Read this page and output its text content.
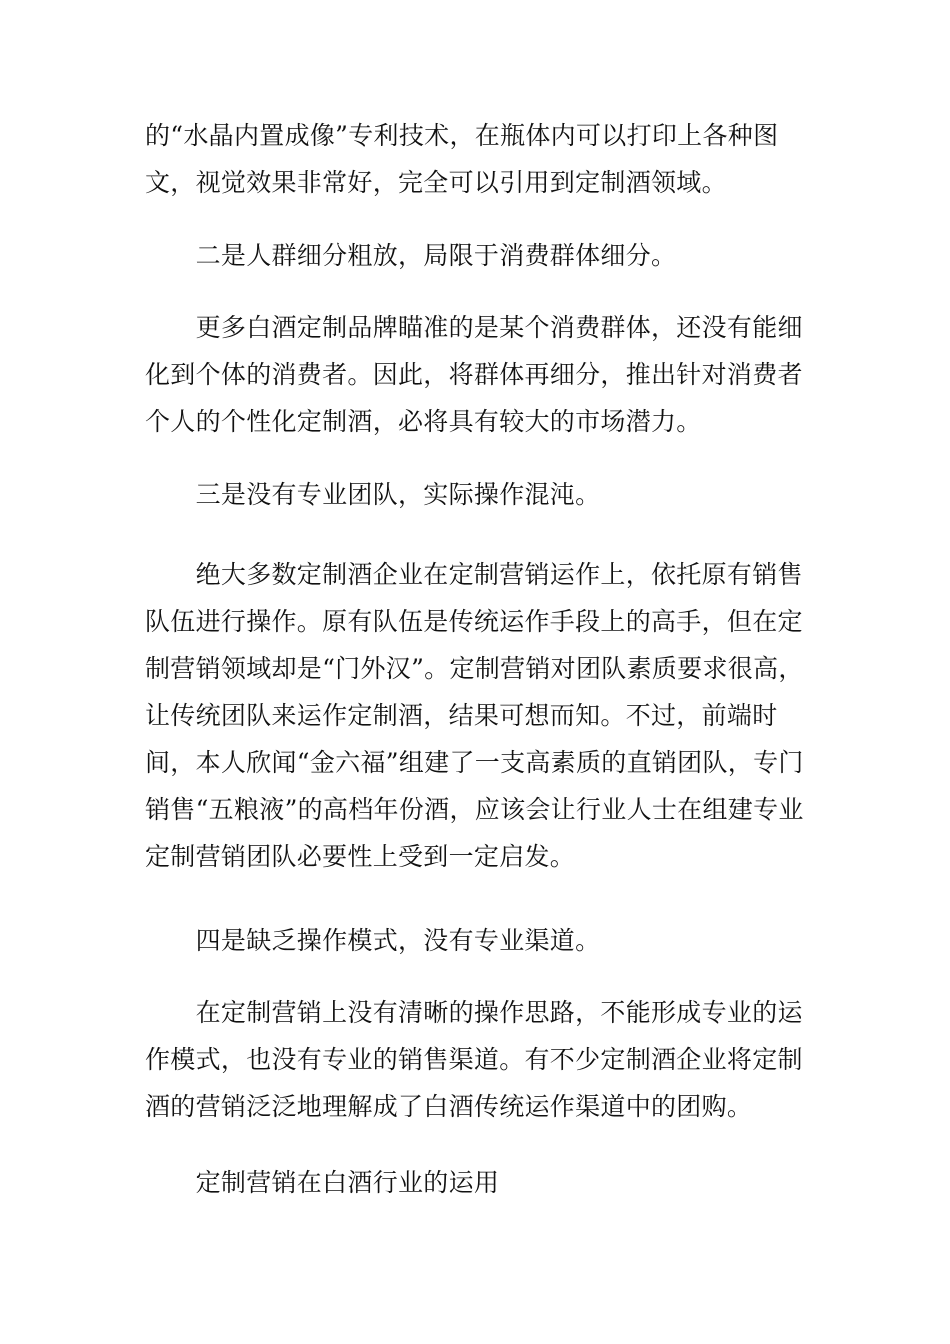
的“水晶内置成像”专利技术，在瓶体内可以打印上各种图文，视觉效果非常好，完全可以引用到定制酒领域。

　　二是人群细分粗放，局限于消费群体细分。

　　更多白酒定制品牌瞄准的是某个消费群体，还没有能细化到个体的消费者。因此，将群体再细分，推出针对消费者个人的个性化定制酒，必将具有较大的市场潜力。

　　三是没有专业团队，实际操作混沌。

　　绝大多数定制酒企业在定制营销运作上，依托原有销售队伍进行操作。原有队伍是传统运作手段上的高手，但在定制营销领域却是“门外汉”。定制营销对团队素质要求很高，让传统团队来运作定制酒，结果可想而知。不过，前端时间，本人欣闻“金六福”组建了一支高素质的直销团队，专门销售“五粮液”的高档年份酒，应该会让行业人士在组建专业定制营销团队必要性上受到一定启发。

　　四是缺乏操作模式，没有专业渠道。

　　在定制营销上没有清晰的操作思路，不能形成专业的运作模式，也没有专业的销售渠道。有不少定制酒企业将定制酒的营销泛泛地理解成了白酒传统运作渠道中的团购。

　　定制营销在白酒行业的运用
